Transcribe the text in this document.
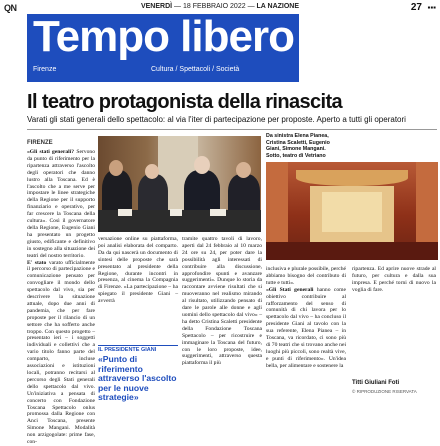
QN	VENERDÌ — 18 FEBBRAIO 2022 — LA NAZIONE	27 ▪▪▪
Tempo libero
Firenze	Cultura / Spettacoli / Società
Il teatro protagonista della rinascita
Varati gli stati generali dello spettacolo: al via l'iter di partecipazione per proposte. Aperto a tutti gli operatori
FIRENZE

«Gli stati generali? Servono da punto di riferimento per la ripartenza attraverso l'ascolto degli operatori che danno lustro alla Toscana. Ed è l'ascolto che a me serve per impostare le linee strategiche della Regione per il supporto finanziario e operativo, per far crescere la Toscana della cultura». Così il governatore della Regione, Eugenio Giani ha presentato un progetto giusto, edificante e definitivo in sostegno alla situazione dei teatri del nostro territorio.

E' stato varato ufficialmente il percorso di partecipazione e comunicazione pensato per convogliare il mondo dello spettacolo dal vivo, sia per descrivere la situazione attuale, dopo due anni di pandemia, che per fare proposte per il rilancio di un settore che ha sofferto anche troppo. Con questo progetto – presentato ieri – i soggetti individuali e collettivi che a vario titolo fanno parte del comparto, incluse associazioni e istituzioni locali, potranno recitarsi al percorso degli Stati generali dello spettacolo dal vivo. Un'iniziativa a pensata di concerto con Fondazione Toscana Spettacolo onlus promossa dalla Regione con Anci Toscana, presente Simone Mangani. Modalità non arzigogolate: prime fase, con-

Da sinistra Elena Pianea, Cristina Scaletti, Eugenio Giani, Simone Mangani. Sotto, teatro di Vetriano

versazione online su piattaforma, poi analisi elaborata del comparto. Da da qui nascerà un documento di sintesi delle proposte che sarà presentato al presidente della Regione, durante incontri in presenza, al cinema la Compagnia di Firenze. «La partecipazione – ha spiegato il presidente Giani – avverrà

IL PRESIDENTE GIANI
«Punto di riferimento attraverso l'ascolto per le nuove strategie»

tramite quattro tavoli di lavoro, aperti dal 24 febbraio al 10 marzo 24 ore su 24, per poter dare la possibilità agli interessati di contribuire alla discussione, approfondire spunti e avanzare suggerimenti». Dunque lo storia da raccontare avviene risultati che si muoveranno nel realismo mirando al risultato, utilizzando pensato di dare le parole alle donne e agli uomini dello spettacolo dal vivo» – ha detto Cristina Scaletti presidente della Fondazione Toscana Spettacolo – per ricostruire e immaginare la Toscana del futuro, con le loro proposte, idee, suggerimenti, attraverso questa piattaforma il più

inclusiva e plurale possibile, perché abbiamo bisogno del contributo di tutte e tutti».

«Gli Stati generali hanno come obiettivo contribuire al rafforzamento del senso di comunità di chi lavora per lo spettacolo dal vivo – ha concluso il presidente Giani al tavolo con la sua referente, Elena Pianea – in Toscana, va ricordato, ci sono più di 70 teatri che si trovano anche nei luoghi più piccoli, sono realtà vive, e punti di riferimento». Un'idea bella, per alimentare e sostenere la

ripartenza. Ed aprire nuove strade al futuro, per cultura e dalla sua impresa. E perché torni di nuovo la voglia di fare.

Titti Giuliani Foti
© RIPRODUZIONE RISERVATA
